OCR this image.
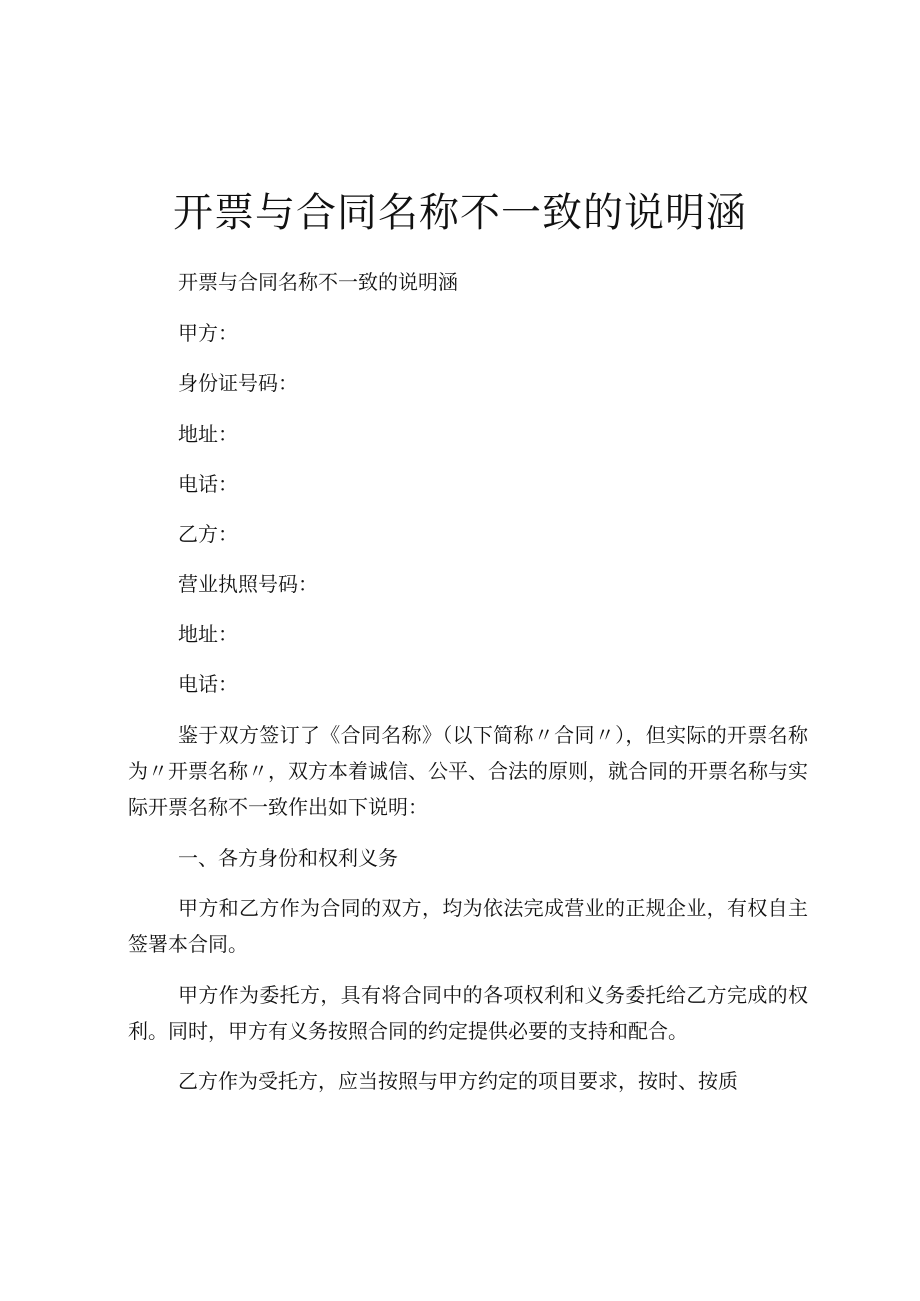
开票与合同名称不一致的说明涵

开票与合同名称不一致的说明涵

甲方：

身份证号码：

地址：

电话：

乙方：

营业执照号码：

地址：

电话：

鉴于双方签订了《合同名称》（以下简称〃合同〃），但实际的开票名称为〃开票名称〃，双方本着诚信、公平、合法的原则，就合同的开票名称与实际开票名称不一致作出如下说明：

一、各方身份和权利义务

甲方和乙方作为合同的双方，均为依法完成营业的正规企业，有权自主签署本合同。

甲方作为委托方，具有将合同中的各项权利和义务委托给乙方完成的权利。同时，甲方有义务按照合同的约定提供必要的支持和配合。

乙方作为受托方，应当按照与甲方约定的项目要求，按时、按质
